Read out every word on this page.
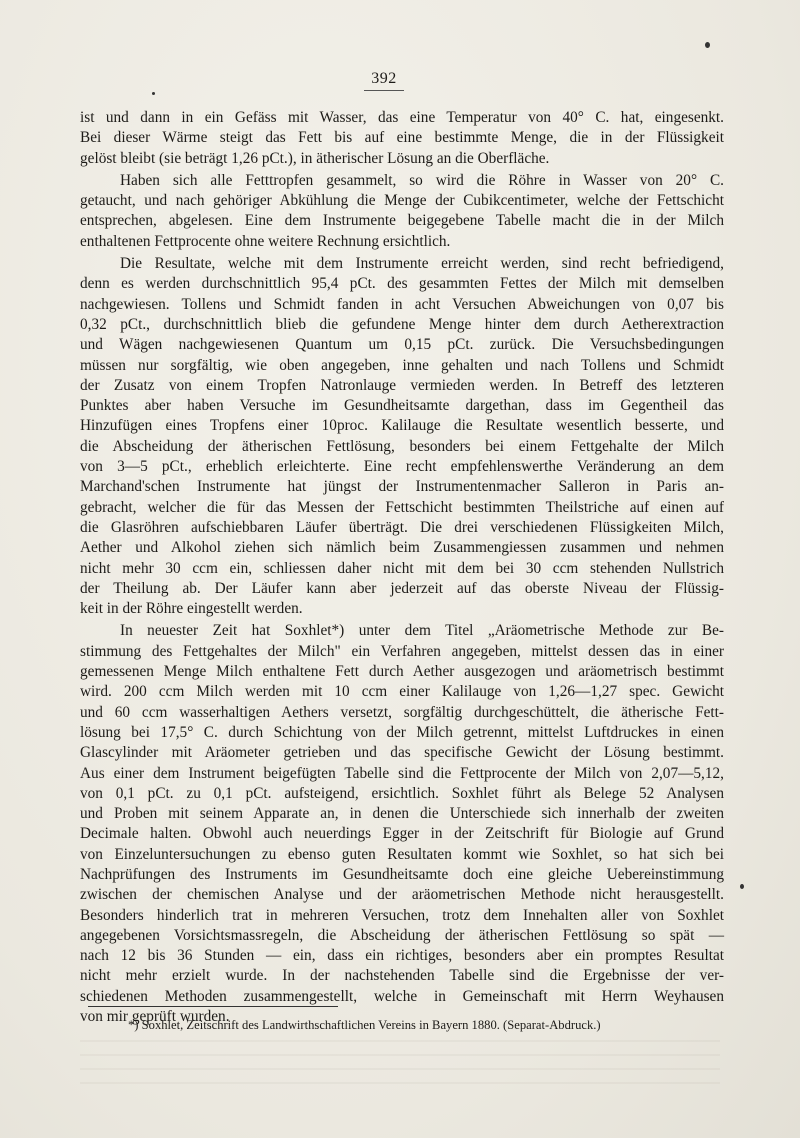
392

ist und dann in ein Gefäss mit Wasser, das eine Temperatur von 40° C. hat, eingesenkt.
Bei dieser Wärme steigt das Fett bis auf eine bestimmte Menge, die in der Flüssigkeit
gelöst bleibt (sie beträgt 1,26 pCt.), in ätherischer Lösung an die Oberfläche.

Haben sich alle Fetttropfen gesammelt, so wird die Röhre in Wasser von 20° C.
getaucht, und nach gehöriger Abkühlung die Menge der Cubikcentimeter, welche der Fettschicht
entsprechen, abgelesen. Eine dem Instrumente beigegebene Tabelle macht die in der Milch
enthaltenen Fettprocente ohne weitere Rechnung ersichtlich.

Die Resultate, welche mit dem Instrumente erreicht werden, sind recht befriedigend,
denn es werden durchschnittlich 95,4 pCt. des gesammten Fettes der Milch mit demselben
nachgewiesen. Tollens und Schmidt fanden in acht Versuchen Abweichungen von 0,07 bis
0,32 pCt., durchschnittlich blieb die gefundene Menge hinter dem durch Aetherextraction
und Wägen nachgewiesenen Quantum um 0,15 pCt. zurück. Die Versuchsbedingungen
müssen nur sorgfältig, wie oben angegeben, inne gehalten und nach Tollens und Schmidt
der Zusatz von einem Tropfen Natronlauge vermieden werden. In Betreff des letzteren
Punktes aber haben Versuche im Gesundheitsamte dargethan, dass im Gegentheil das
Hinzufügen eines Tropfens einer 10proc. Kalilauge die Resultate wesentlich besserte, und
die Abscheidung der ätherischen Fettlösung, besonders bei einem Fettgehalte der Milch
von 3—5 pCt., erheblich erleichterte. Eine recht empfehlenswerthe Veränderung an dem
Marchand'schen Instrumente hat jüngst der Instrumentenmacher Salleron in Paris an-
gebracht, welcher die für das Messen der Fettschicht bestimmten Theilstriche auf einen auf
die Glasröhren aufschiebbaren Läufer überträgt. Die drei verschiedenen Flüssigkeiten Milch,
Aether und Alkohol ziehen sich nämlich beim Zusammengiessen zusammen und nehmen
nicht mehr 30 ccm ein, schliessen daher nicht mit dem bei 30 ccm stehenden Nullstrich
der Theilung ab. Der Läufer kann aber jederzeit auf das oberste Niveau der Flüssig-
keit in der Röhre eingestellt werden.

In neuester Zeit hat Soxhlet*) unter dem Titel „Aräometrische Methode zur Be-
stimmung des Fettgehaltes der Milch" ein Verfahren angegeben, mittelst dessen das in einer
gemessenen Menge Milch enthaltene Fett durch Aether ausgezogen und aräometrisch bestimmt
wird. 200 ccm Milch werden mit 10 ccm einer Kalilauge von 1,26—1,27 spec. Gewicht
und 60 ccm wasserhaltigen Aethers versetzt, sorgfältig durchgeschüttelt, die ätherische Fett-
lösung bei 17,5° C. durch Schichtung von der Milch getrennt, mittelst Luftdruckes in einen
Glascylinder mit Aräometer getrieben und das specifische Gewicht der Lösung bestimmt.
Aus einer dem Instrument beigefügten Tabelle sind die Fettprocente der Milch von 2,07—5,12,
von 0,1 pCt. zu 0,1 pCt. aufsteigend, ersichtlich. Soxhlet führt als Belege 52 Analysen
und Proben mit seinem Apparate an, in denen die Unterschiede sich innerhalb der zweiten
Decimale halten. Obwohl auch neuerdings Egger in der Zeitschrift für Biologie auf Grund
von Einzeluntersuchungen zu ebenso guten Resultaten kommt wie Soxhlet, so hat sich bei
Nachprüfungen des Instruments im Gesundheitsamte doch eine gleiche Uebereinstimmung
zwischen der chemischen Analyse und der aräometrischen Methode nicht herausgestellt.
Besonders hinderlich trat in mehreren Versuchen, trotz dem Innehalten aller von Soxhlet
angegebenen Vorsichtsmassregeln, die Abscheidung der ätherischen Fettlösung so spät —
nach 12 bis 36 Stunden — ein, dass ein richtiges, besonders aber ein promptes Resultat
nicht mehr erzielt wurde. In der nachstehenden Tabelle sind die Ergebnisse der ver-
schiedenen Methoden zusammengestellt, welche in Gemeinschaft mit Herrn Weyhausen
von mir geprüft wurden.

*) Soxhlet, Zeitschrift des Landwirthschaftlichen Vereins in Bayern 1880. (Separat-Abdruck.)
